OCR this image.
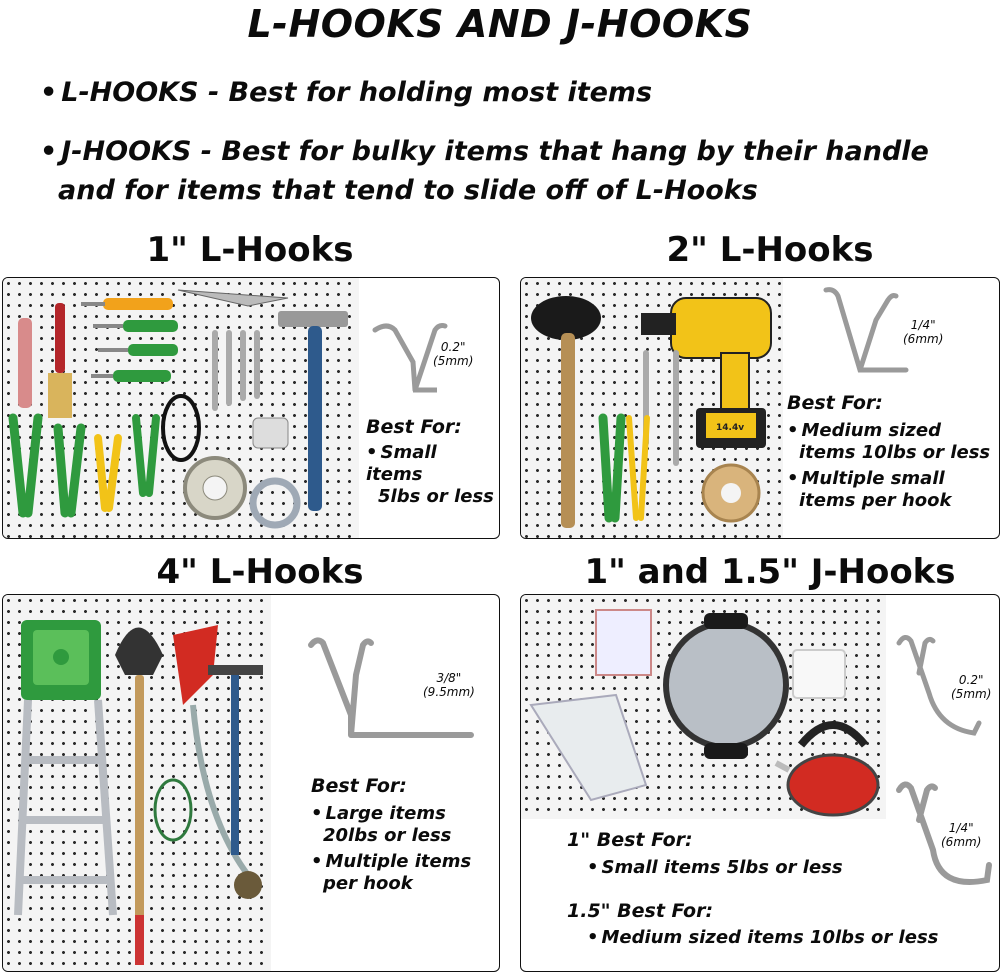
L-HOOKS AND J-HOOKS
• L-HOOKS - Best for holding most items
• J-HOOKS - Best for bulky items that hang by their handle
and for items that tend to slide off of L-Hooks
1" L-Hooks
0.2"
(5mm)
Best For:
• Small items
5lbs or less
2" L-Hooks
14.4v
1/4"
(6mm)
Best For:
• Medium sized
items 10lbs or less
• Multiple small
items per hook
4" L-Hooks
3/8"
(9.5mm)
Best For:
• Large items
20lbs or less
• Multiple items
per hook
1" and 1.5" J-Hooks
0.2"
(5mm)
1/4"
(6mm)
1" Best For:
• Small items 5lbs or less
1.5" Best For:
• Medium sized items 10lbs or less
